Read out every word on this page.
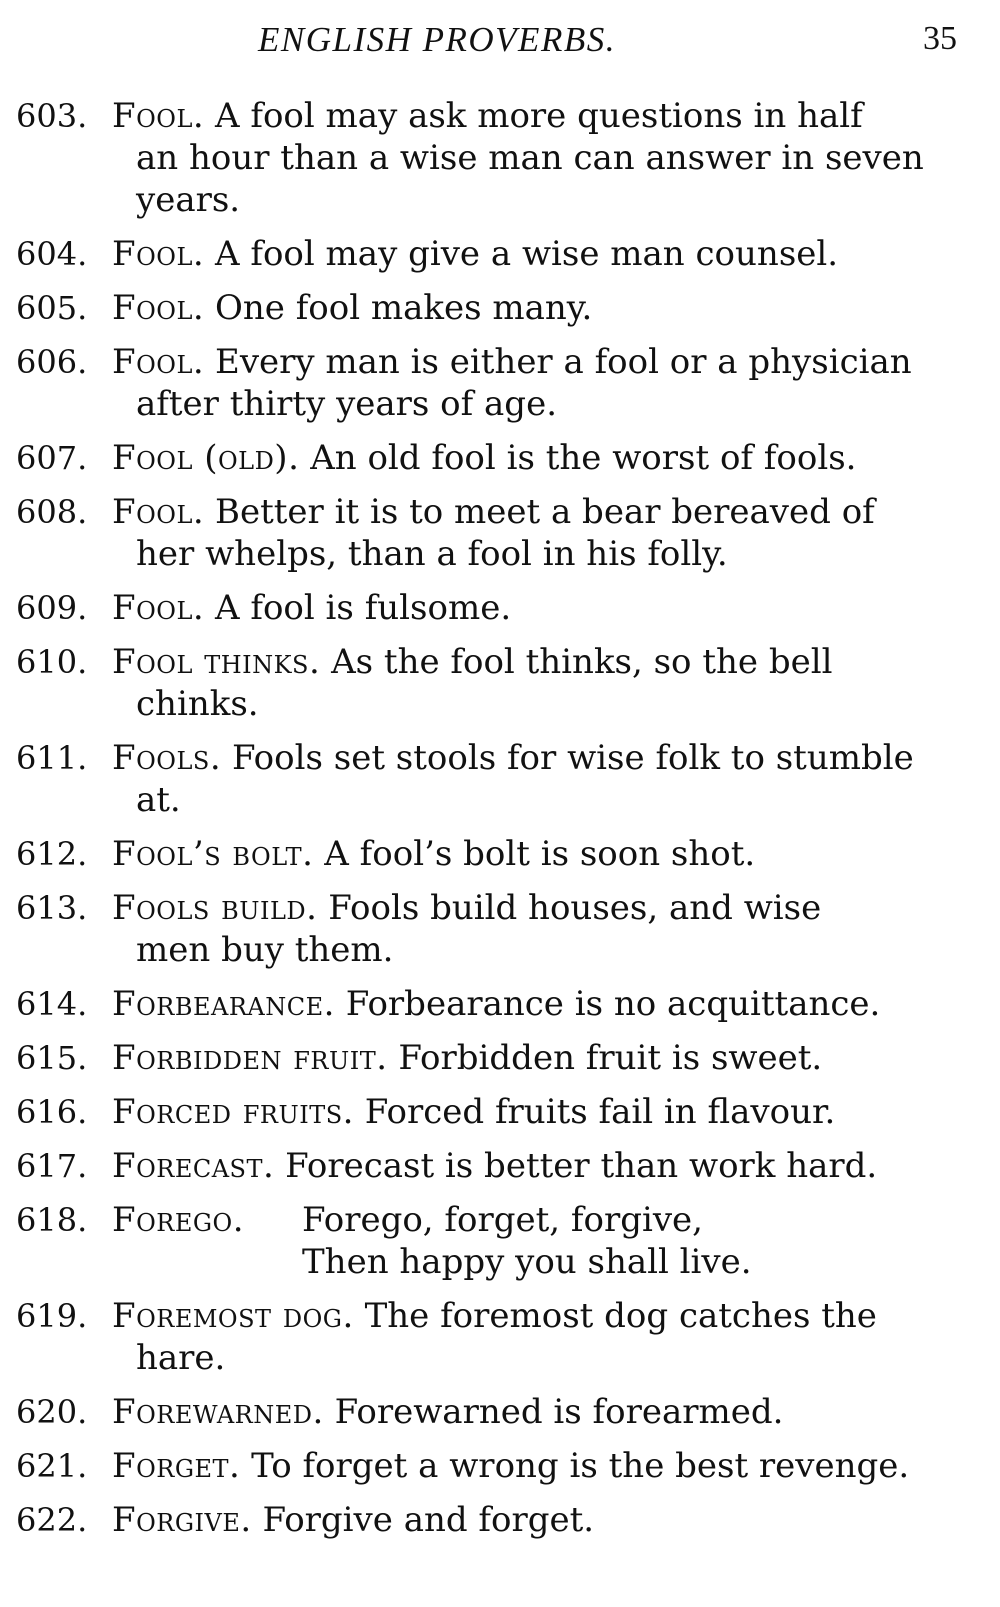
ENGLISH PROVERBS.	35
603. Fool. A fool may ask more questions in half
an hour than a wise man can answer in seven
years.
604. Fool. A fool may give a wise man counsel.
605. Fool. One fool makes many.
606. Fool. Every man is either a fool or a physician
after thirty years of age.
607. Fool (old). An old fool is the worst of fools.
608. Fool. Better it is to meet a bear bereaved of
her whelps, than a fool in his folly.
609. Fool. A fool is fulsome.
610. Fool thinks. As the fool thinks, so the bell
chinks.
611. Fools. Fools set stools for wise folk to stumble
at.
612. Fool’s bolt. A fool’s bolt is soon shot.
613. Fools build. Fools build houses, and wise
men buy them.
614. Forbearance. Forbearance is no acquittance.
615. Forbidden fruit. Forbidden fruit is sweet.
616. Forced fruits. Forced fruits fail in flavour.
617. Forecast. Forecast is better than work hard.
618. Forego. Forego, forget, forgive,
Then happy you shall live.
619. Foremost dog. The foremost dog catches the
hare.
620. Forewarned. Forewarned is forearmed.
621. Forget. To forget a wrong is the best revenge.
622. Forgive. Forgive and forget.
